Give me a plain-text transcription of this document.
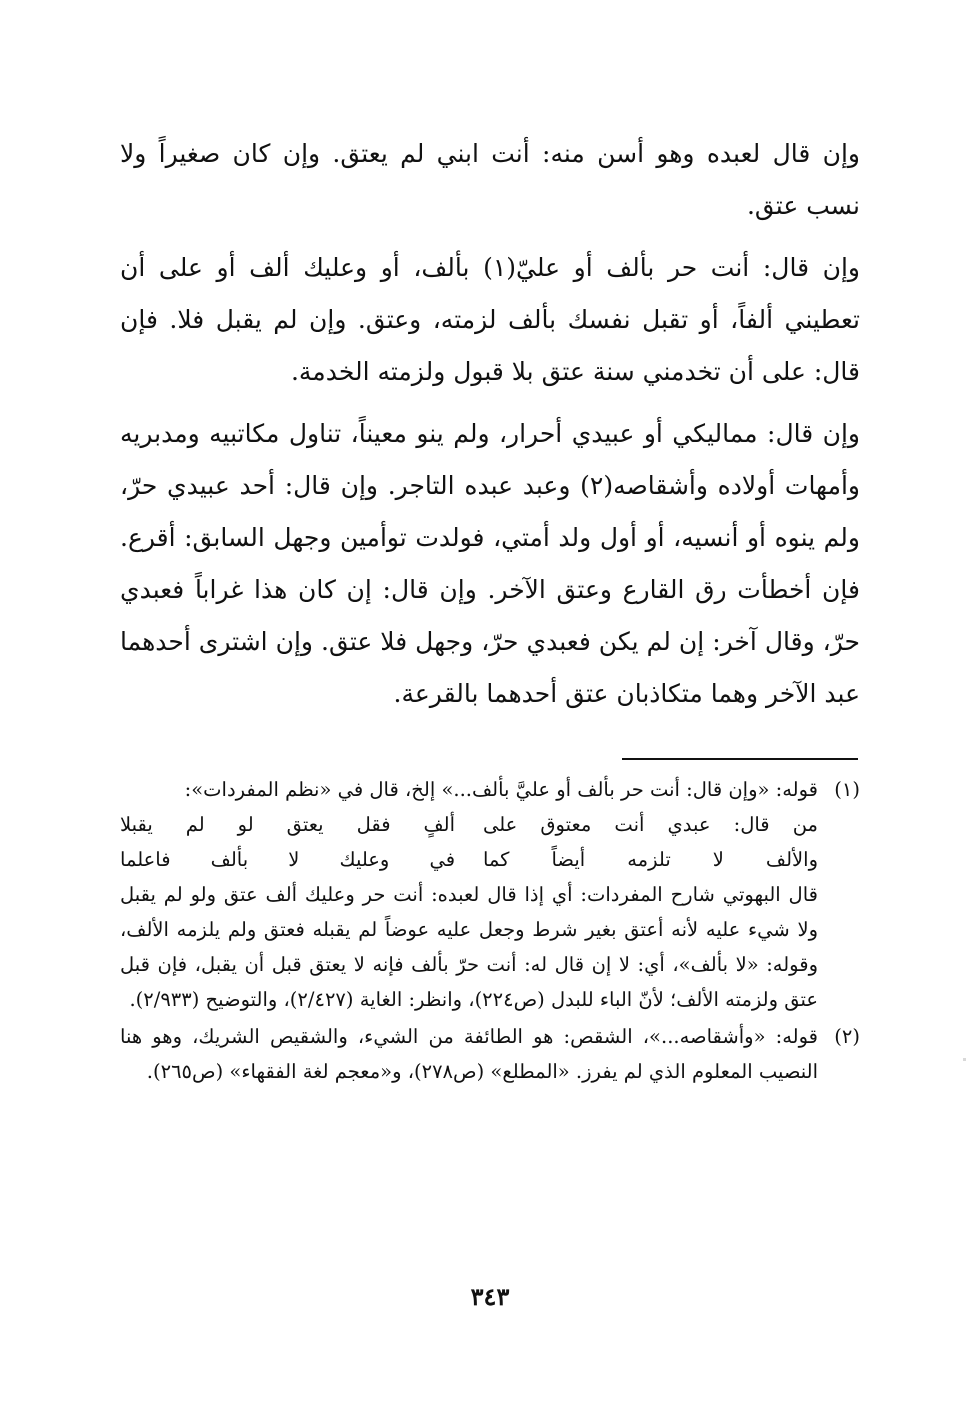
وإن قال لعبده وهو أسن منه: أنت ابني لم يعتق. وإن كان صغيراً ولا نسب عتق.

وإن قال: أنت حر بألف أو عليّ(١) بألف، أو وعليك ألف أو على أن تعطيني ألفاً، أو تقبل نفسك بألف لزمته، وعتق. وإن لم يقبل فلا. فإن قال: على أن تخدمني سنة عتق بلا قبول ولزمته الخدمة.

وإن قال: مماليكي أو عبيدي أحرار، ولم ينو معيناً، تناول مكاتبيه ومدبريه وأمهات أولاده وأشقاصه(٢) وعبد عبده التاجر. وإن قال: أحد عبيدي حرّ، ولم ينوه أو أنسيه، أو أول ولد أمتي، فولدت توأمين وجهل السابق: أقرع. فإن أخطأت رق القارع وعتق الآخر. وإن قال: إن كان هذا غراباً فعبدي حرّ، وقال آخر: إن لم يكن فعبدي حرّ، وجهل فلا عتق. وإن اشترى أحدهما عبد الآخر وهما متكاذبان عتق أحدهما بالقرعة.

(١)

قوله: «وإن قال: أنت حر بألف أو عليَّ بألف...» إلخ، قال في «نظم المفردات»:

من قال: عبدي أنت معتوق على
ألفٍ فقل يعتق لو لم يقبلا
والألف لا تلزمه أيضاً كما
في وعليك لا بألف فاعلما

قال البهوتي شارح المفردات: أي إذا قال لعبده: أنت حر وعليك ألف عتق ولو لم يقبل ولا شيء عليه لأنه أعتق بغير شرط وجعل عليه عوضاً لم يقبله فعتق ولم يلزمه الألف، وقوله: «لا بألف»، أي: لا إن قال له: أنت حرّ بألف فإنه لا يعتق قبل أن يقبل، فإن قبل عتق ولزمته الألف؛ لأنّ الباء للبدل (ص٢٢٤)، وانظر: الغاية (٢/٤٢٧)، والتوضيح (٢/٩٣٣).

(٢)

قوله: «وأشقاصه...»، الشقص: هو الطائفة من الشيء، والشقيص الشريك، وهو هنا النصيب المعلوم الذي لم يفرز. «المطلع» (ص٢٧٨)، و«معجم لغة الفقهاء» (ص٢٦٥).

٣٤٣
